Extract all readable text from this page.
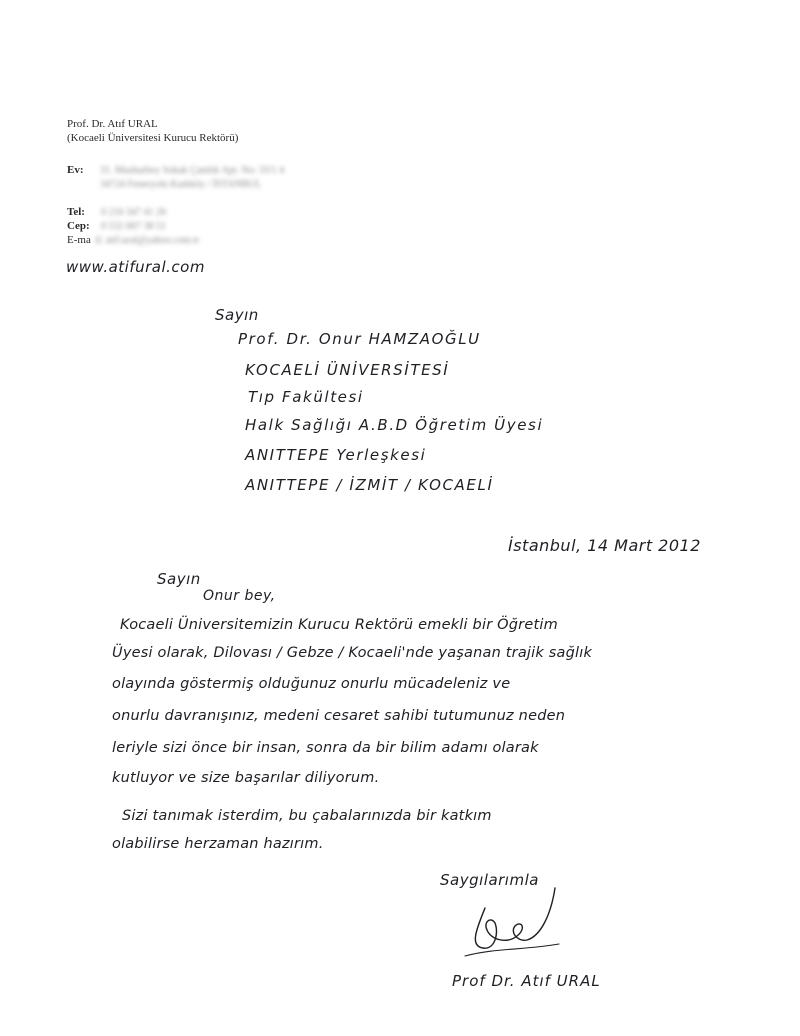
Prof. Dr. Atıf URAL
(Kocaeli Üniversitesi Kurucu Rektörü)
Ev: 31. Mazharbey Sokak Çamlık Apt. No: 33/1 4
34724 Feneryolu Kadıköy / İSTANBUL
Tel: 0 216 347 41 26
Cep: 0 532 667 38 51
E-ma il: atif.ural@yahoo.com.tr
www.atifural.com
Sayın
Prof. Dr. Onur HAMZAOĞLU
KOCAELİ ÜNİVERSİTESİ
Tıp Fakültesi
Halk Sağlığı A.B.D Öğretim Üyesi
ANITTEPE Yerleşkesi
ANITTEPE / İZMİT / KOCAELİ
İstanbul, 14 Mart 2012
Sayın
Onur bey,
Kocaeli Üniversitemizin Kurucu Rektörü emekli bir Öğretim
Üyesi olarak, Dilovası / Gebze / Kocaeli'nde yaşanan trajik sağlık
olayında göstermiş olduğunuz onurlu mücadeleniz ve
onurlu davranışınız, medeni cesaret sahibi tutumunuz neden
leriyle sizi önce bir insan, sonra da bir bilim adamı olarak
kutluyor ve size başarılar diliyorum.
Sizi tanımak isterdim, bu çabalarınızda bir katkım
olabilirse herzaman hazırım.
Saygılarımla
Prof Dr. Atıf URAL
